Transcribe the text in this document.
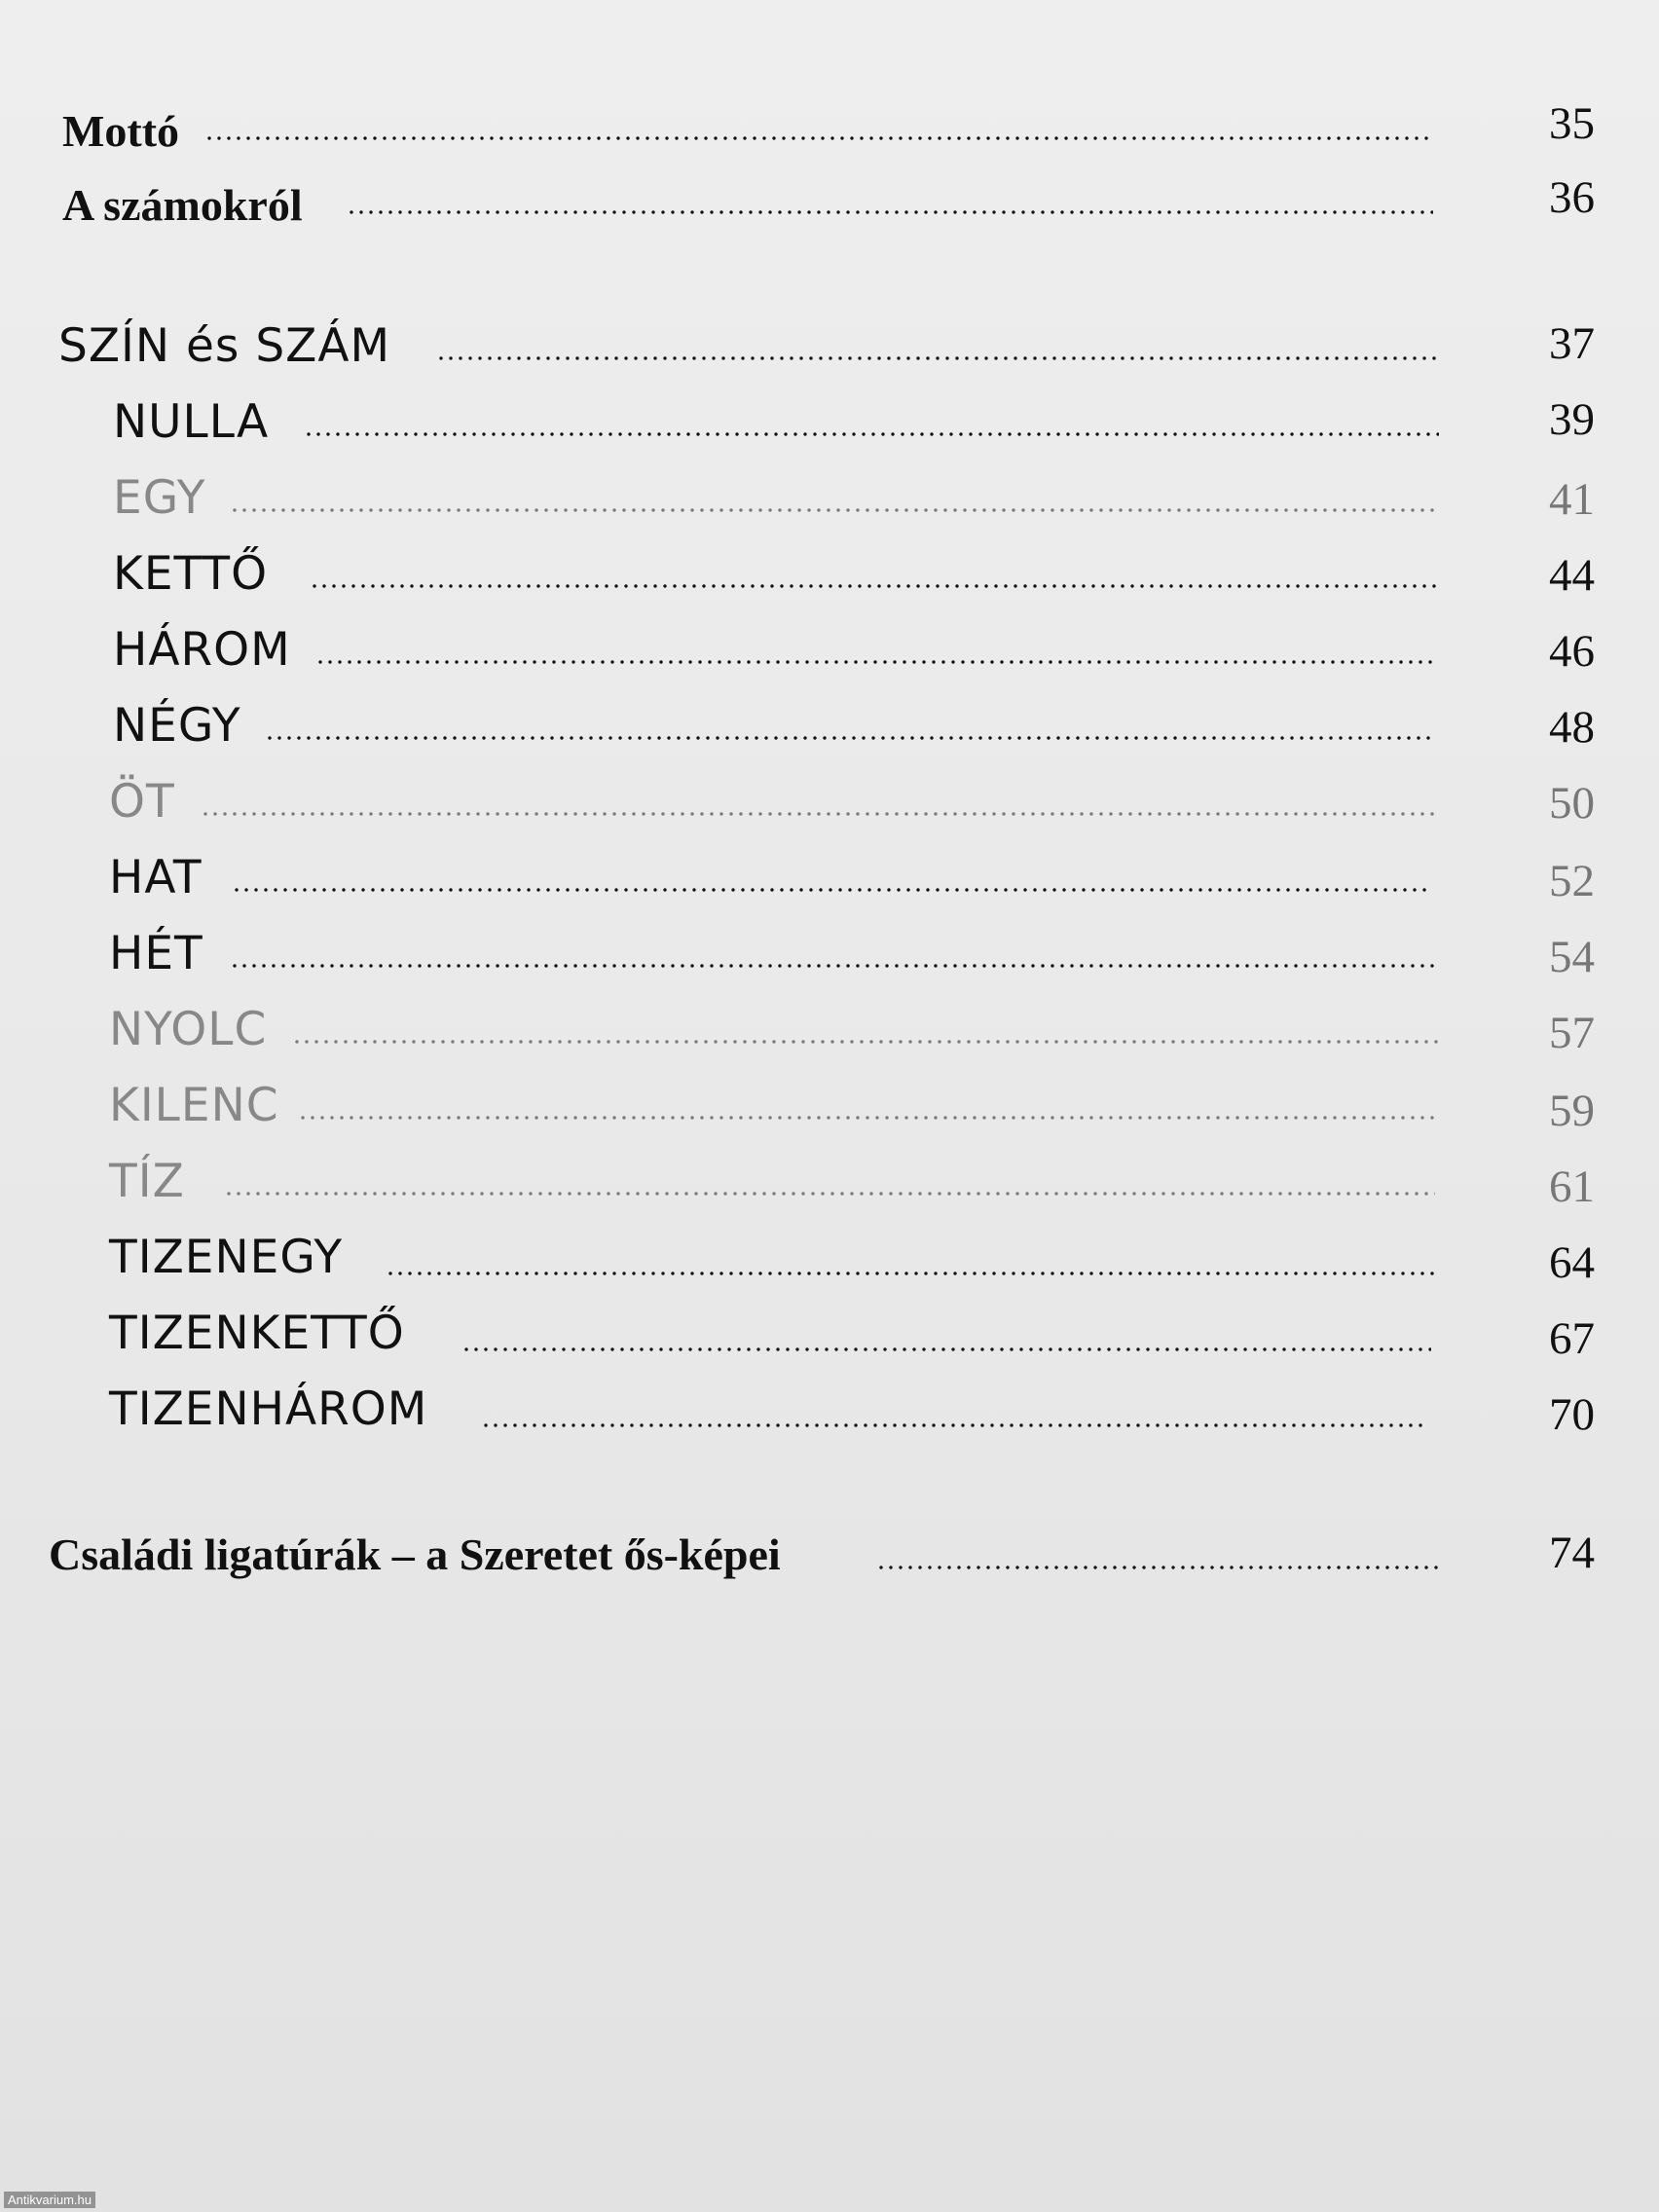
Mottó	35
A számokról	36
SZÍN és SZÁM	37
NULLA	39
EGY	41
KETTŐ	44
HÁROM	46
NÉGY	48
ÖT	50
HAT	52
HÉT	54
NYOLC	57
KILENC	59
TÍZ	61
TIZENEGY	64
TIZENKETTŐ	67
TIZENHÁROM	70
Családi ligatúrák – a Szeretet ős-képei	74
Antikvarium.hu
